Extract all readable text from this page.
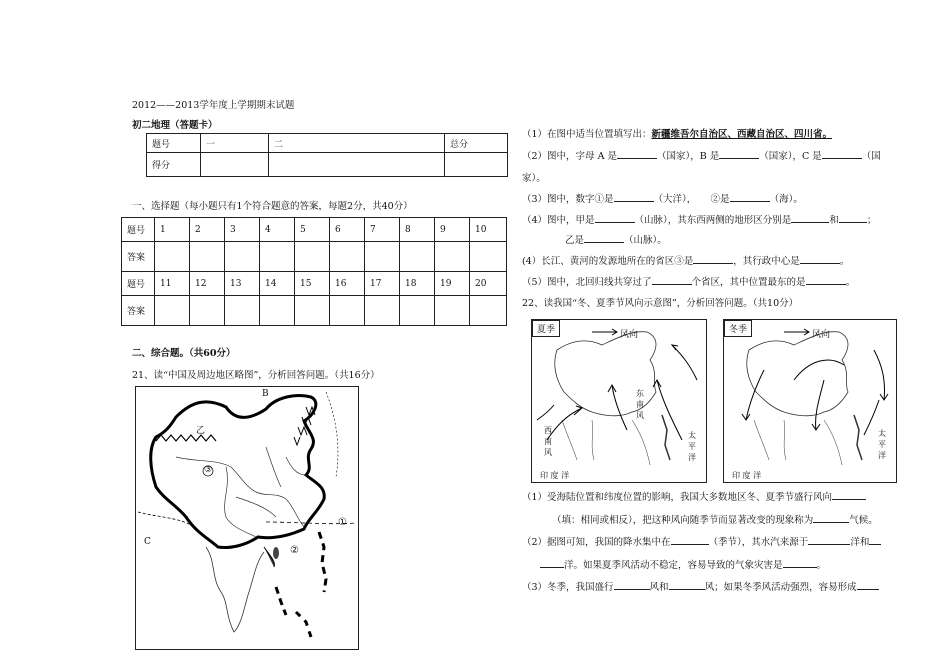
2012——2013学年度上学期期末试题
初二地理（答题卡）
题号	一	二	总分
得分			
一、选择题（每小题只有1个符合题意的答案，每题2分，共40分）
题号	1	2	3	4	5	6	7	8	9	10
答案										
题号	11	12	13	14	15	16	17	18	19	20
答案										
二、综合题。（共60分）
21、读“中国及周边地区略图”，分析回答问题。（共16分）
B
C
乙
③
①
②
（1）在图中适当位置填写出：新疆维吾尔自治区、西藏自治区、四川省。
（2）图中，字母 A 是	（国家），B 是	（国家），C 是	（国
家）。
（3）图中，数字①是	（大洋），　　②是	（海）。
（4）图中，甲是	（山脉），其东西两侧的地形区分别是	和	；
乙是	（山脉）。
(4）长江、黄河的发源地所在的省区③是	，其行政中心是	。
（5）图中，北回归线共穿过了	个省区，其中位置最东的是	。
22、读我国“冬、夏季节风向示意图”，分析回答问题。（共10分）
夏季	风向
东
南
风
西
南
风
太
平
洋
印 度 洋
冬季	风向
太
平
洋
印 度 洋
（1）受海陆位置和纬度位置的影响，我国大多数地区冬、夏季节盛行风向
（填：相同或相反），把这种风向随季节而显著改变的现象称为	气候。
（2）据图可知，我国的降水集中在	（季节），其水汽来源于	洋和
洋。如果夏季风活动不稳定，容易导致的气象灾害是	。
（3）冬季，我国盛行	风和	风；如果冬季风活动强烈，容易形成
